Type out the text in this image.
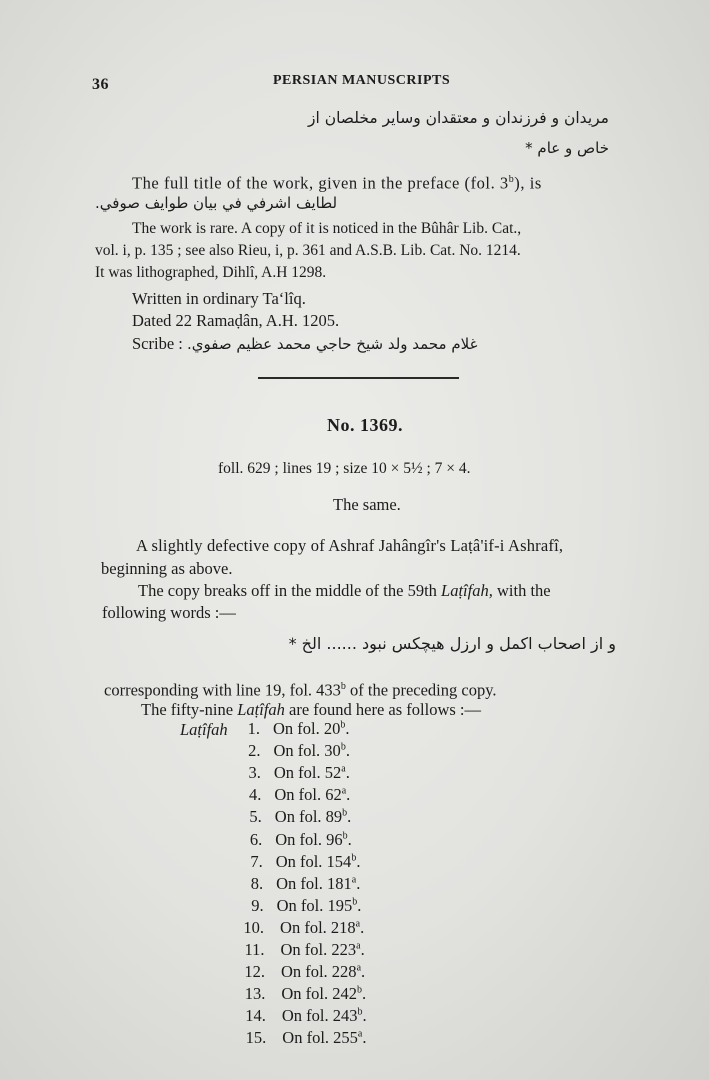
36	PERSIAN MANUSCRIPTS
مریدان و فرزندان و معتقدان وسایر مخلصان از
خاص و عام *
The full title of the work, given in the preface (fol. 3$^b$), is
لطایف اشرفي في بیان طوایف صوفي.
The work is rare. A copy of it is noticed in the Bûhâr Lib. Cat.,
vol. i, p. 135 ; see also Rieu, i, p. 361 and A.S.B. Lib. Cat. No. 1214.
It was lithographed, Dihlî, A.H 1298.
Written in ordinary Ta‘lîq.
Dated 22 Ramaḍân, A.H. 1205.
Scribe : غلام محمد ولد شیخ حاجي محمد عظیم صفوي.
No. 1369.
foll. 629 ; lines 19 ; size 10 × 5½ ; 7 × 4.
The same.
A slightly defective copy of Ashraf Jahângîr's Laṭâ'if-i Ashrafî,
beginning as above.
The copy breaks off in the middle of the 59th Laṭîfah, with the
following words :—
و از اصحاب اکمل و ارزل هیچکس نبود ...... الخ *
corresponding with line 19, fol. 433$^b$ of the preceding copy.
The fifty-nine Laṭîfah are found here as follows :—
Laṭîfah	1. On fol. 20$^b$.
2. On fol. 30$^b$.
3. On fol. 52$^a$.
4. On fol. 62$^a$.
5. On fol. 89$^b$.
6. On fol. 96$^b$.
7. On fol. 154$^b$.
8. On fol. 181$^a$.
9. On fol. 195$^b$.
10. On fol. 218$^a$.
11. On fol. 223$^a$.
12. On fol. 228$^a$.
13. On fol. 242$^b$.
14. On fol. 243$^b$.
15. On fol. 255$^a$.
